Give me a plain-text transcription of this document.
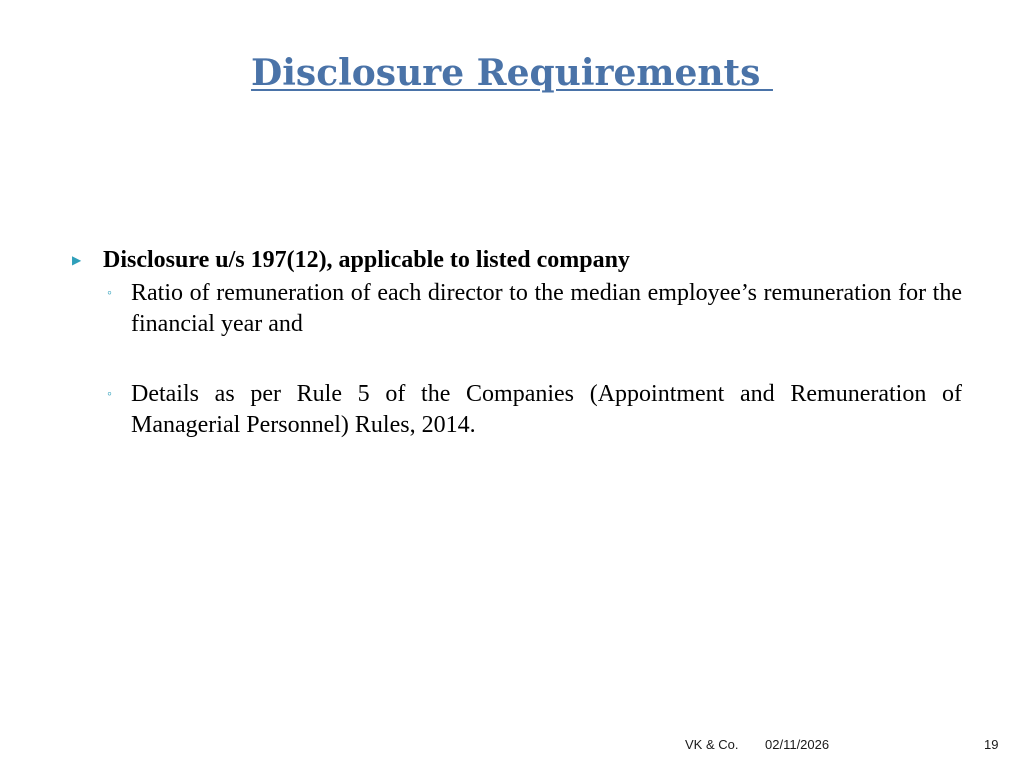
Disclosure Requirements
▶ Disclosure u/s 197(12), applicable to listed company
◦ Ratio of remuneration of each director to the median employee’s remuneration for the financial year and
◦ Details as per Rule 5 of the Companies (Appointment and Remuneration of Managerial Personnel) Rules, 2014.
VK & Co. 02/11/2026	19
